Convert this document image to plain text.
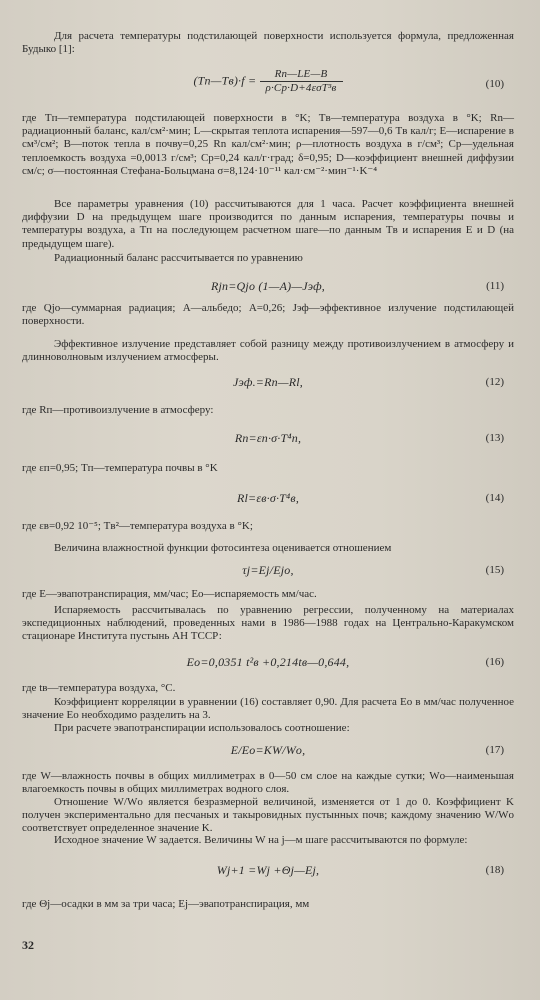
Для расчета температуры подстилающей поверхности используется формула, предложенная Будыко [1]:

(Tп—Tв)·f = $\frac{Rn—LE—B}{\text{ρ·Cp·D+4εσT³в}}$	(10)

где Tп—температура подстилающей поверхности в °K; Tв—температура воздуха в °K; Rn—радиационный баланс, кал/см²·мин; L—скрытая теплота испарения—597—0,6 Tв кал/г; E—испарение в см³/см²; B—поток тепла в почву=0,25 Rn кал/см²·мин; ρ—плотность воздуха в г/см³; Cp—удельная теплоемкость воздуха =0,0013 г/см³; Cp=0,24 кал/г·град; δ=0,95; D—коэффициент внешней диффузии см/с; σ—постоянная Стефана-Больцмана σ=8,124·10⁻¹¹ кал·см⁻²·мин⁻¹·K⁻⁴

Все параметры уравнения (10) рассчитываются для 1 часа. Расчет коэффициента внешней диффузии D на предыдущем шаге производится по данным испарения, температуры почвы и температуры воздуха, а Tп на последующем расчетном шаге—по данным Tв и испарения E и D (на предыдущем шаге).

Радиационный баланс рассчитывается по уравнению

Rjп=Qjо (1—A)—Jэф,	(11)

где Qjо—суммарная радиация; A—альбедо; A=0,26; Jэф—эффективное излучение подстилающей поверхности.

Эффективное излучение представляет собой разницу между противоизлучением в атмосферу и длинноволновым излучением атмосферы.

Jэф.=Rп—Rl,	(12)

где Rп—противоизлучение в атмосферу:

Rп=εп·σ·T⁴п,	(13)

где εп=0,95; Tп—температура почвы в °K

Rl=εв·σ·T⁴в,	(14)

где εв=0,92 10⁻⁵; Tв²—температура воздуха в °K;

Величина влажностной функции фотосинтеза оценивается отношением

τj=Ej/Ejо,	(15)

где E—эвапотранспирация, мм/час; Eо—испаряемость мм/час.

Испаряемость рассчитывалась по уравнению регрессии, полученному на материалах экспедиционных наблюдений, проведенных нами в 1986—1988 годах на Центрально-Каракумском стационаре Института пустынь АН ТССР:

Eо=0,0351 t²в +0,214tв—0,644,	(16)

где tв—температура воздуха, °C.

Коэффициент корреляции в уравнении (16) составляет 0,90. Для расчета Eо в мм/час полученное значение Eо необходимо разделить на 3.

При расчете эвапотранспирации использовалось соотношение:

E/Eо=KW/Wо,	(17)

где W—влажность почвы в общих миллиметрах в 0—50 см слое на каждые сутки; Wо—наименьшая влагоемкость почвы в общих миллиметрах водного слоя.

Отношение W/Wо является безразмерной величиной, изменяется от 1 до 0. Коэффициент K получен экспериментально для песчаных и такыровидных пустынных почв; каждому значению W/Wо соответствует определенное значение K.

Исходное значение W задается. Величины W на j—м шаге рассчитываются по формуле:

Wj+1 =Wj +Θj—Ej,	(18)

где Θj—осадки в мм за три часа; Ej—эвапотранспирация, мм

32
